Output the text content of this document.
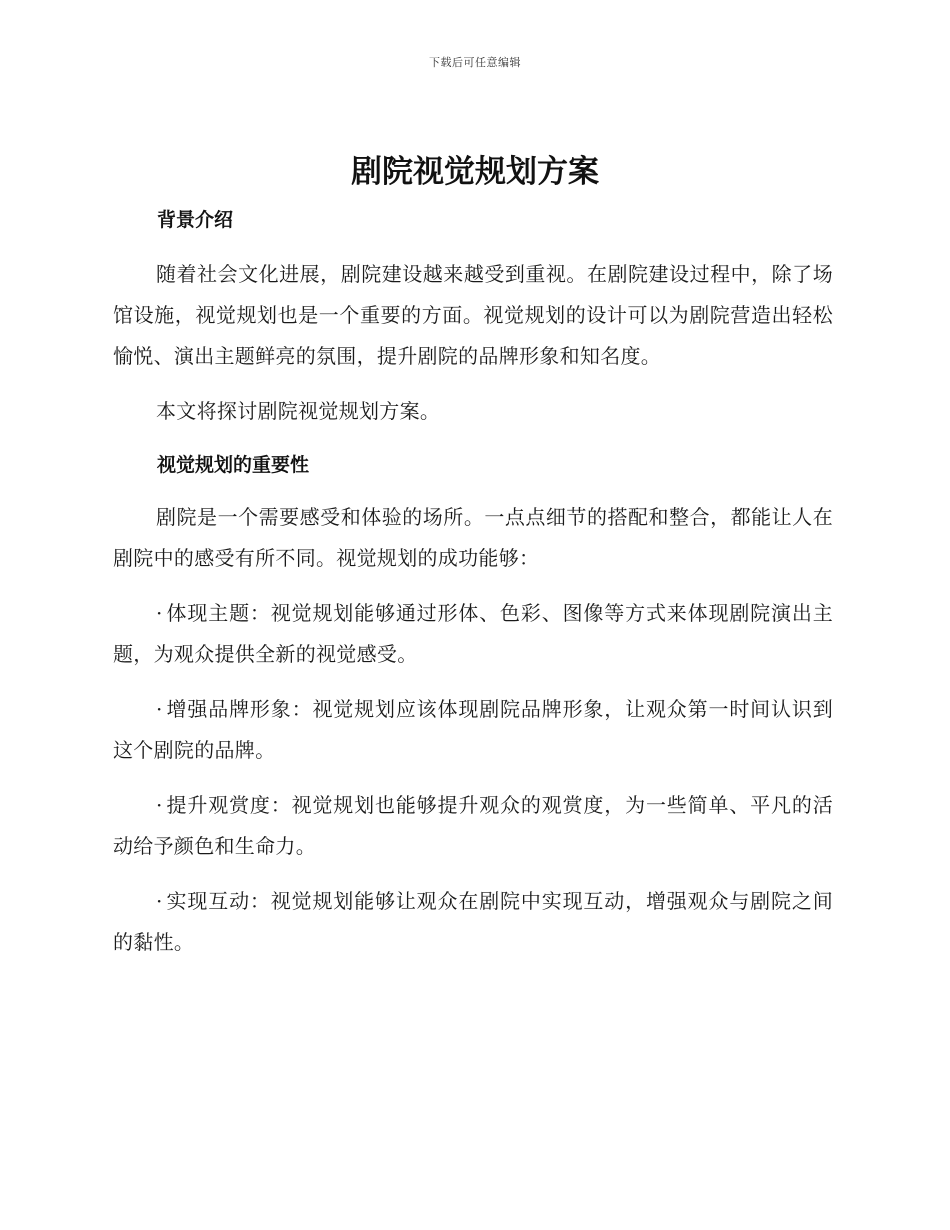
下载后可任意编辑
剧院视觉规划方案
背景介绍

随着社会文化进展，剧院建设越来越受到重视。在剧院建设过程中，除了场馆设施，视觉规划也是一个重要的方面。视觉规划的设计可以为剧院营造出轻松愉悦、演出主题鲜亮的氛围，提升剧院的品牌形象和知名度。

本文将探讨剧院视觉规划方案。

视觉规划的重要性

剧院是一个需要感受和体验的场所。一点点细节的搭配和整合，都能让人在剧院中的感受有所不同。视觉规划的成功能够：

· 体现主题：视觉规划能够通过形体、色彩、图像等方式来体现剧院演出主题，为观众提供全新的视觉感受。

· 增强品牌形象：视觉规划应该体现剧院品牌形象，让观众第一时间认识到这个剧院的品牌。

· 提升观赏度：视觉规划也能够提升观众的观赏度，为一些简单、平凡的活动给予颜色和生命力。

· 实现互动：视觉规划能够让观众在剧院中实现互动，增强观众与剧院之间的黏性。
